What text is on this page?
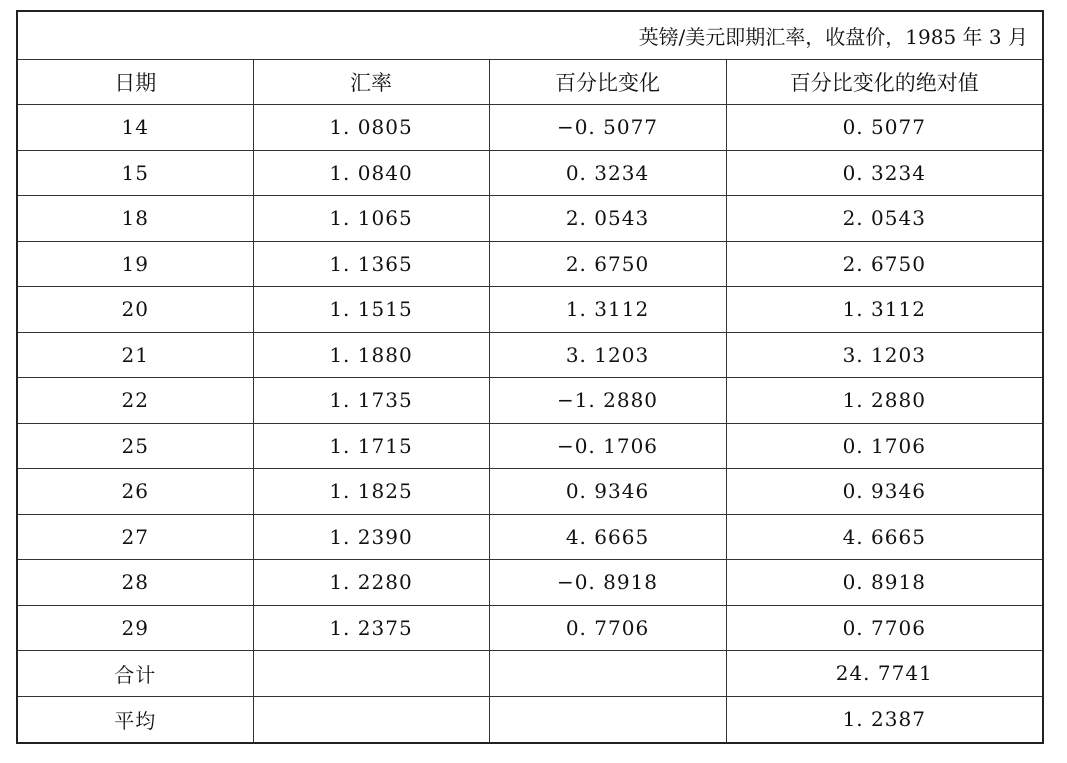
英镑/美元即期汇率，收盘价，1985 年 3 月			
日期	汇率	百分比变化	百分比变化的绝对值
14	1. 0805	−0. 5077	0. 5077
15	1. 0840	0. 3234	0. 3234
18	1. 1065	2. 0543	2. 0543
19	1. 1365	2. 6750	2. 6750
20	1. 1515	1. 3112	1. 3112
21	1. 1880	3. 1203	3. 1203
22	1. 1735	−1. 2880	1. 2880
25	1. 1715	−0. 1706	0. 1706
26	1. 1825	0. 9346	0. 9346
27	1. 2390	4. 6665	4. 6665
28	1. 2280	−0. 8918	0. 8918
29	1. 2375	0. 7706	0. 7706
合计			24. 7741
平均			1. 2387
